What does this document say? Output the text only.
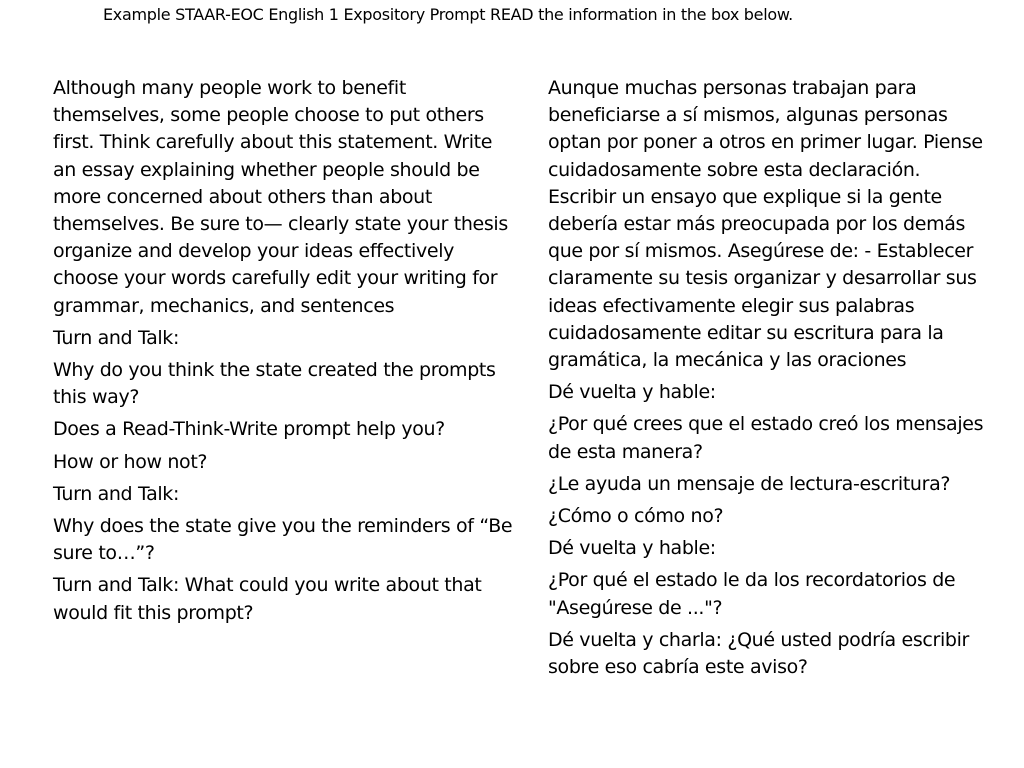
Example STAAR-EOC English 1 Expository Prompt READ the information in the box below.

Although many people work to benefit themselves, some people choose to put others first. Think carefully about this statement. Write an essay explaining whether people should be more concerned about others than about themselves. Be sure to— clearly state your thesis organize and develop your ideas effectively choose your words carefully edit your writing for grammar, mechanics, and sentences

Turn and Talk:

Why do you think the state created the prompts this way?

Does a Read-Think-Write prompt help you?

How or how not?

Turn and Talk:

Why does the state give you the reminders of “Be sure to…”?

Turn and Talk: What could you write about that would fit this prompt?

Aunque muchas personas trabajan para beneficiarse a sí mismos, algunas personas optan por poner a otros en primer lugar. Piense cuidadosamente sobre esta declaración. Escribir un ensayo que explique si la gente debería estar más preocupada por los demás que por sí mismos. Asegúrese de: - Establecer claramente su tesis organizar y desarrollar sus ideas efectivamente elegir sus palabras cuidadosamente editar su escritura para la gramática, la mecánica y las oraciones

Dé vuelta y hable:

¿Por qué crees que el estado creó los mensajes de esta manera?

¿Le ayuda un mensaje de lectura-escritura?

¿Cómo o cómo no?

Dé vuelta y hable:

¿Por qué el estado le da los recordatorios de "Asegúrese de ..."?

Dé vuelta y charla: ¿Qué usted podría escribir sobre eso cabría este aviso?
